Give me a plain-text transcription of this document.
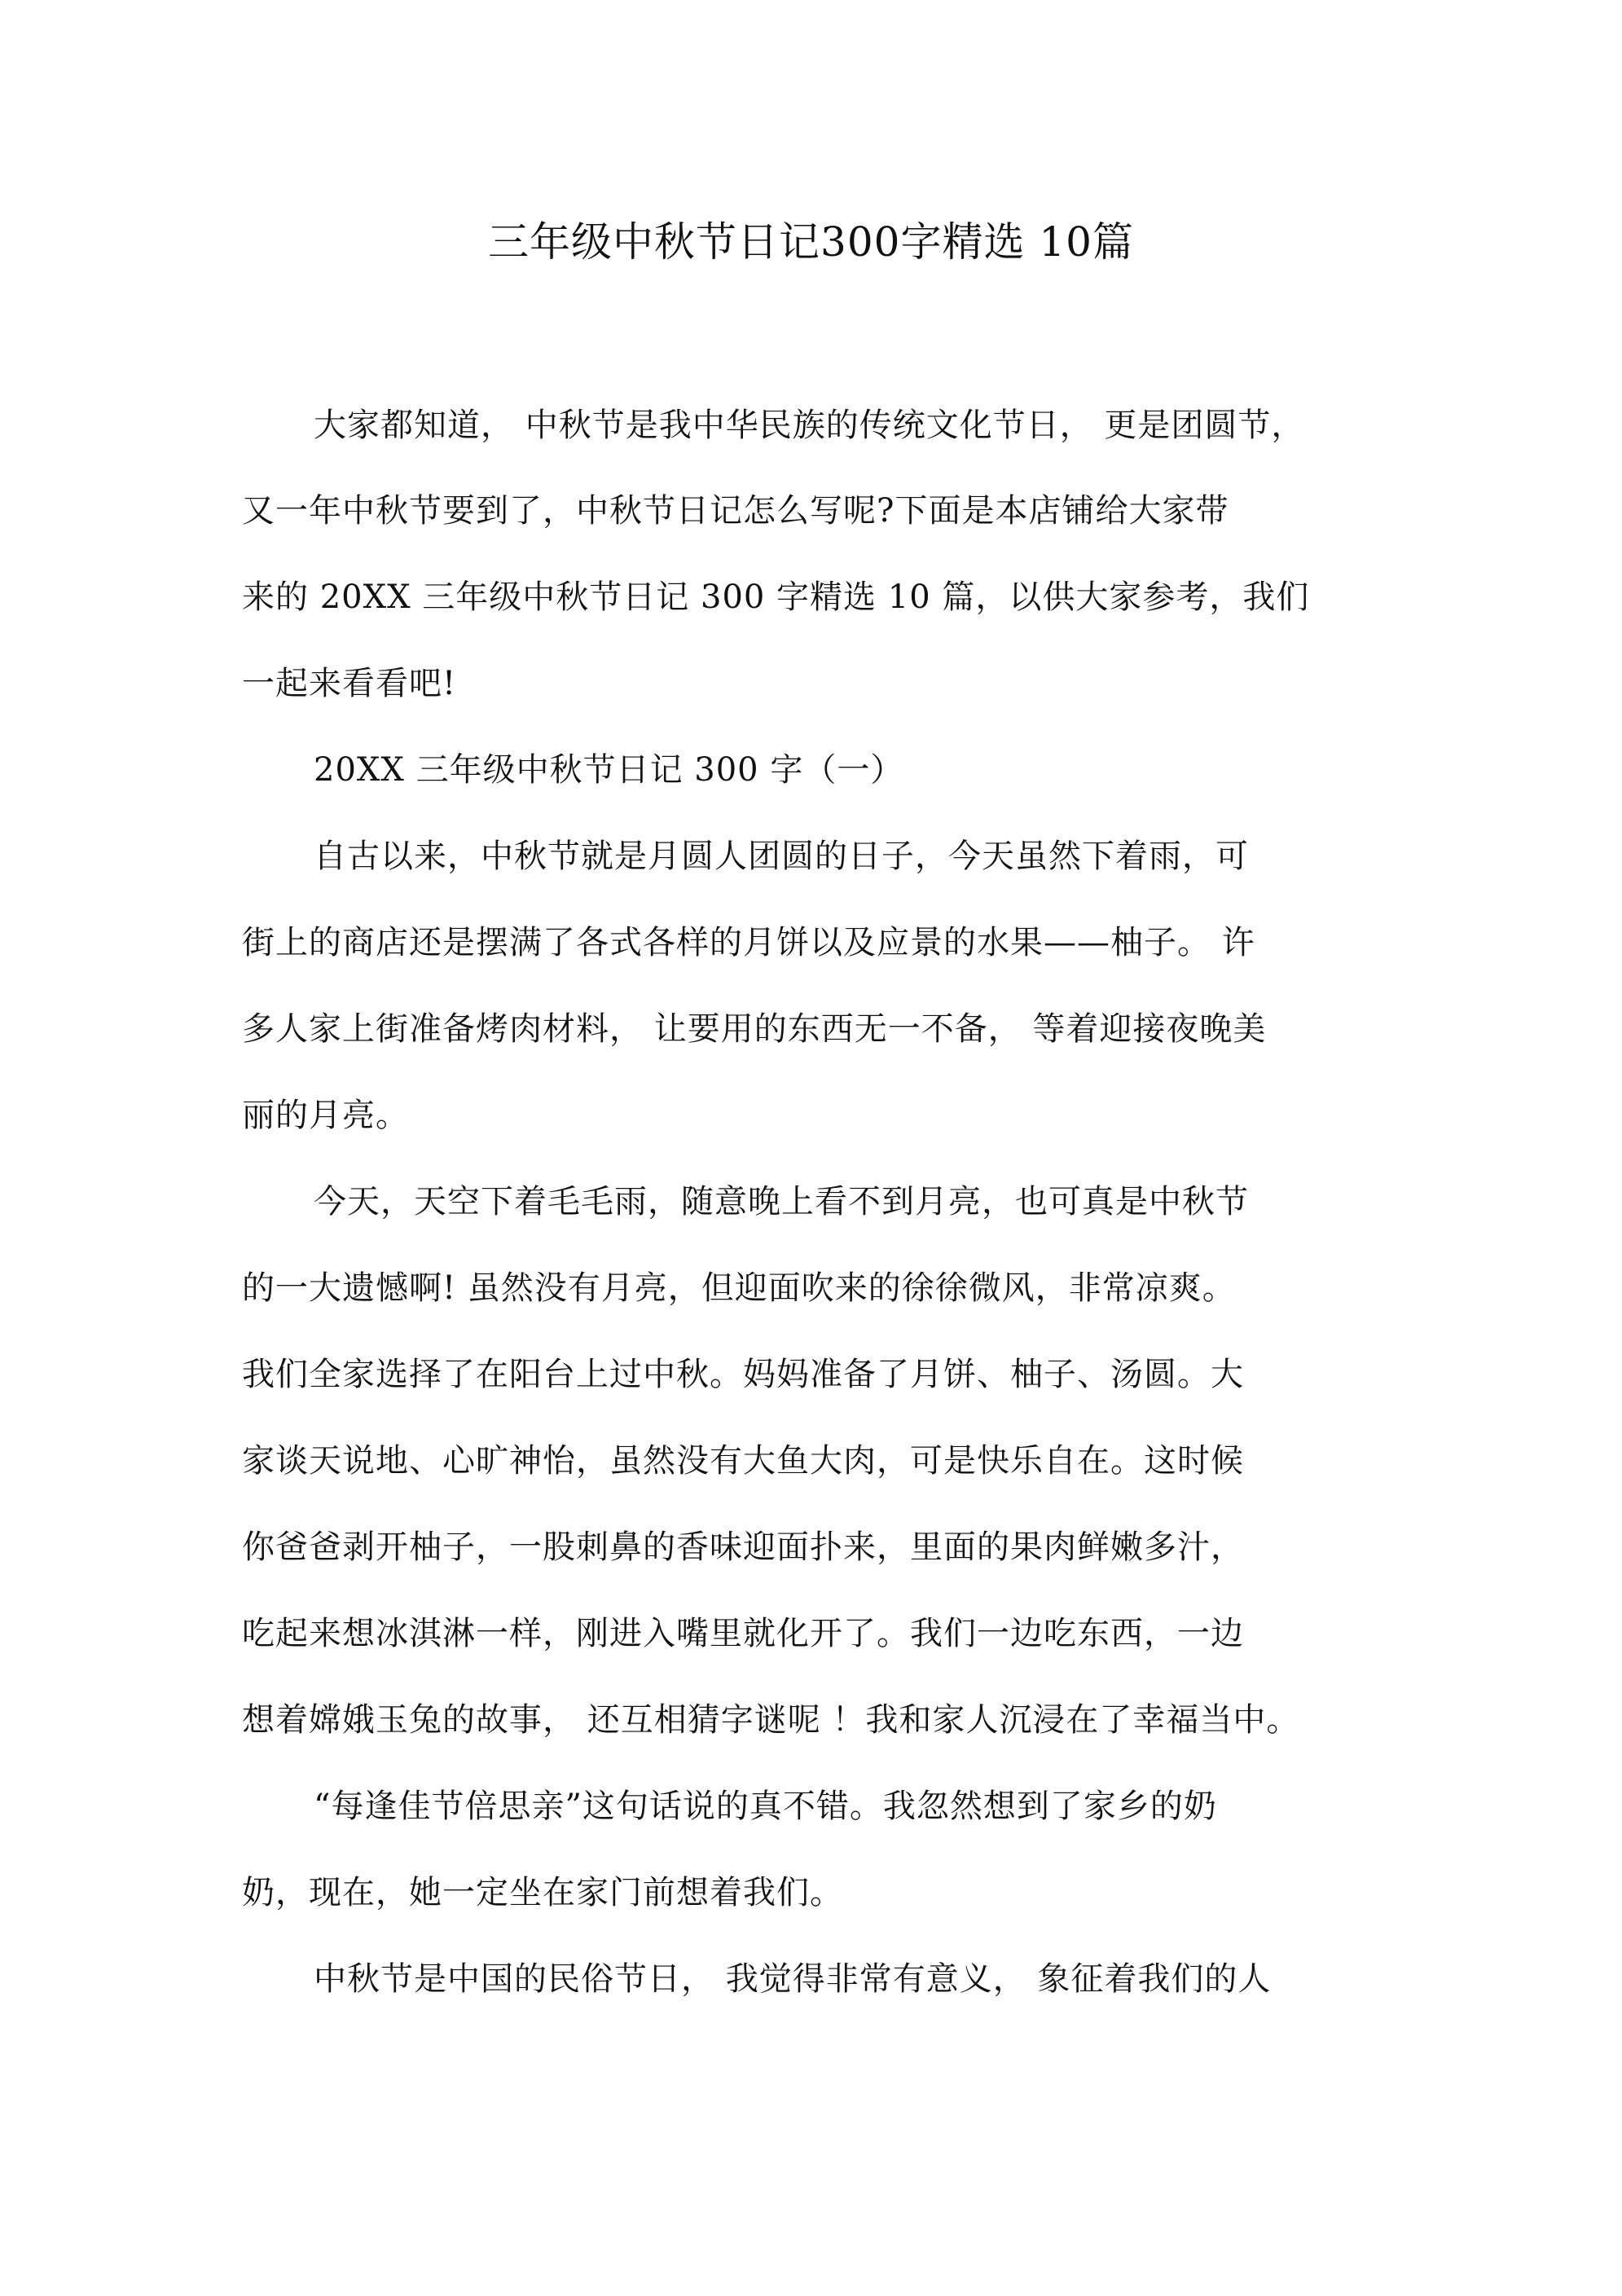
三年级中秋节日记300字精选 10篇
大家都知道， 中秋节是我中华民族的传统文化节日， 更是团圆节，
又一年中秋节要到了，中秋节日记怎么写呢?下面是本店铺给大家带
来的 20XX 三年级中秋节日记 300 字精选 10 篇，以供大家参考，我们
一起来看看吧!
20XX 三年级中秋节日记 300 字（一）
自古以来，中秋节就是月圆人团圆的日子，今天虽然下着雨，可
街上的商店还是摆满了各式各样的月饼以及应景的水果——柚子。 许
多人家上街准备烤肉材料， 让要用的东西无一不备， 等着迎接夜晚美
丽的月亮。
今天，天空下着毛毛雨，随意晚上看不到月亮，也可真是中秋节
的一大遗憾啊! 虽然没有月亮，但迎面吹来的徐徐微风，非常凉爽。
我们全家选择了在阳台上过中秋。妈妈准备了月饼、柚子、汤圆。大
家谈天说地、心旷神怡，虽然没有大鱼大肉，可是快乐自在。这时候
你爸爸剥开柚子，一股刺鼻的香味迎面扑来，里面的果肉鲜嫩多汁，
吃起来想冰淇淋一样，刚进入嘴里就化开了。我们一边吃东西，一边
想着嫦娥玉兔的故事， 还互相猜字谜呢 ！我和家人沉浸在了幸福当中。
“每逢佳节倍思亲”这句话说的真不错。我忽然想到了家乡的奶
奶，现在，她一定坐在家门前想着我们。
中秋节是中国的民俗节日， 我觉得非常有意义， 象征着我们的人
